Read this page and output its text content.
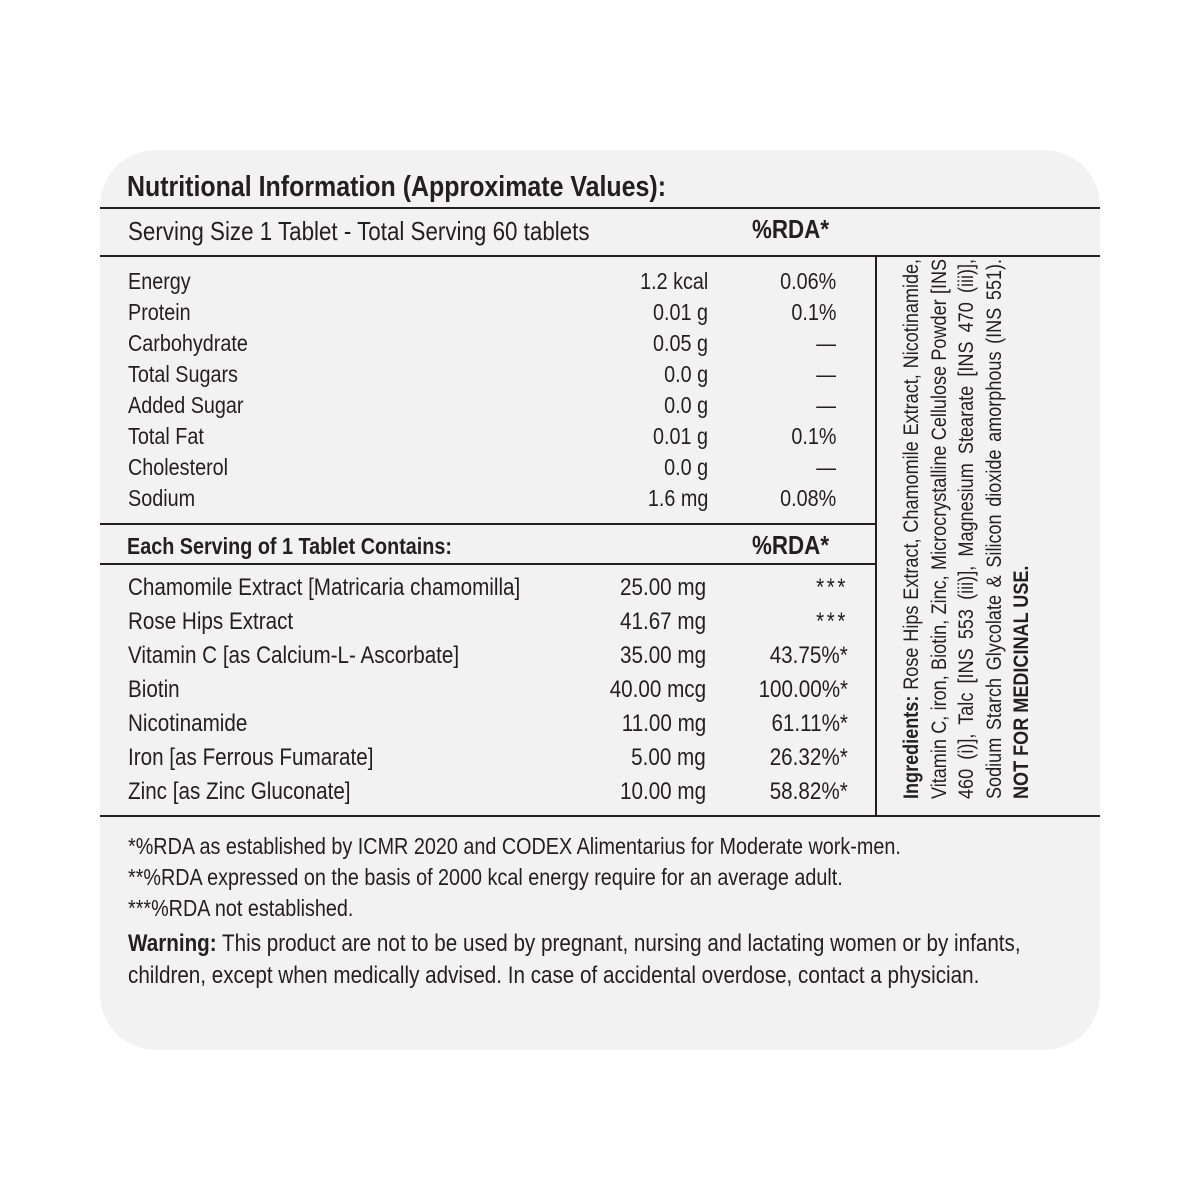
Nutritional Information (Approximate Values):
Serving Size 1 Tablet - Total Serving 60 tablets	%RDA*
Energy	1.2 kcal	0.06%
Protein	0.01 g	0.1%
Carbohydrate	0.05 g	—
Total Sugars	0.0 g	—
Added Sugar	0.0 g	—
Total Fat	0.01 g	0.1%
Cholesterol	0.0 g	—
Sodium	1.6 mg	0.08%
Each Serving of 1 Tablet Contains:	%RDA*
Chamomile Extract [Matricaria chamomilla]	25.00 mg	***
Rose Hips Extract	41.67 mg	***
Vitamin C [as Calcium-L- Ascorbate]	35.00 mg	43.75%*
Biotin	40.00 mcg	100.00%*
Nicotinamide	11.00 mg	61.11%*
Iron [as Ferrous Fumarate]	5.00 mg	26.32%*
Zinc [as Zinc Gluconate]	10.00 mg	58.82%* Ingredients: Rose Hips Extract, Chamomile Extract, Nicotinamide, Vitamin C, iron, Biotin, Zinc, Microcrystalline Cellulose Powder [INS 460 (i)], Talc [INS 553 (iii)], Magnesium Stearate [INS 470 (iii)], Sodium Starch Glycolate & Silicon dioxide amorphous (INS 551). NOT FOR MEDICINAL USE.
*%RDA as established by ICMR 2020 and CODEX Alimentarius for Moderate work-men.
**%RDA expressed on the basis of 2000 kcal energy require for an average adult.
***%RDA not established.
Warning: This product are not to be used by pregnant, nursing and lactating women or by infants, children, except when medically advised. In case of accidental overdose, contact a physician.
